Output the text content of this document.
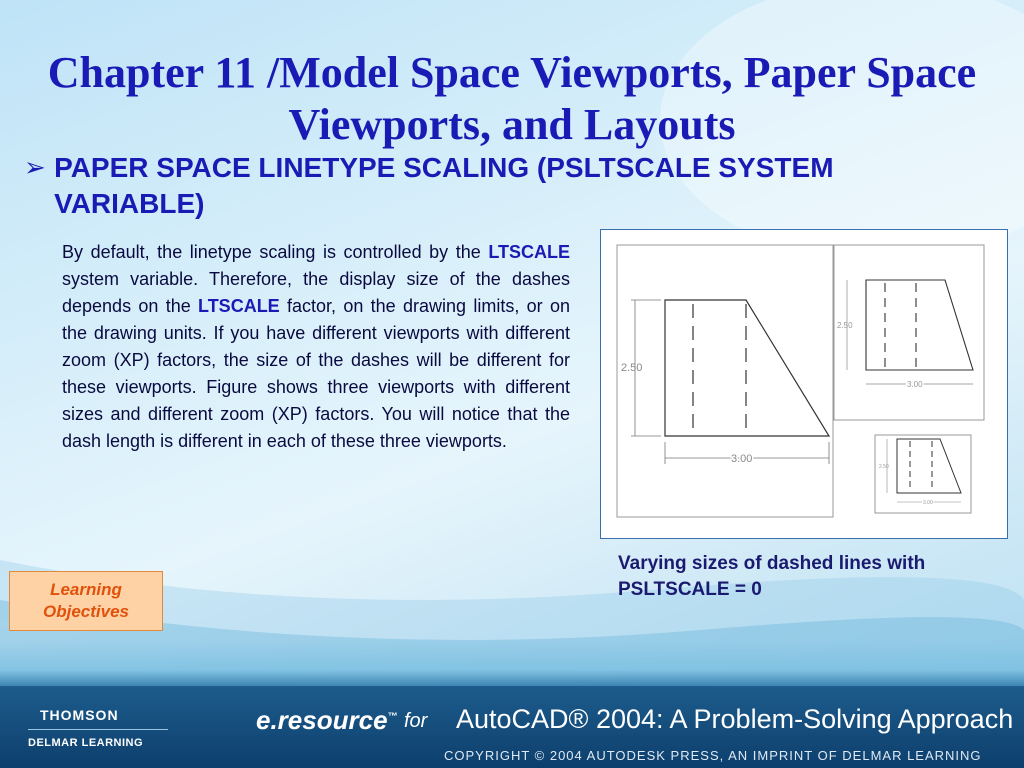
Chapter 11 /Model Space Viewports, Paper Space Viewports, and Layouts
➢ PAPER SPACE LINETYPE SCALING (PSLTSCALE SYSTEM VARIABLE)
By default, the linetype scaling is controlled by the LTSCALE system variable. Therefore, the display size of the dashes depends on the LTSCALE factor, on the drawing limits, or on the drawing units. If you have different viewports with different zoom (XP) factors, the size of the dashes will be different for these viewports. Figure shows three viewports with different sizes and different zoom (XP) factors. You will notice that the dash length is different in each of these three viewports.
2.50
3.00
2.50
3.00
2.50
3.00
Varying sizes of dashed lines with PSLTSCALE = 0
Learning
Objectives
THOMSON
DELMAR LEARNING
e.resource™ for AutoCAD® 2004: A Problem-Solving Approach
COPYRIGHT © 2004 AUTODESK PRESS, AN IMPRINT OF DELMAR LEARNING
